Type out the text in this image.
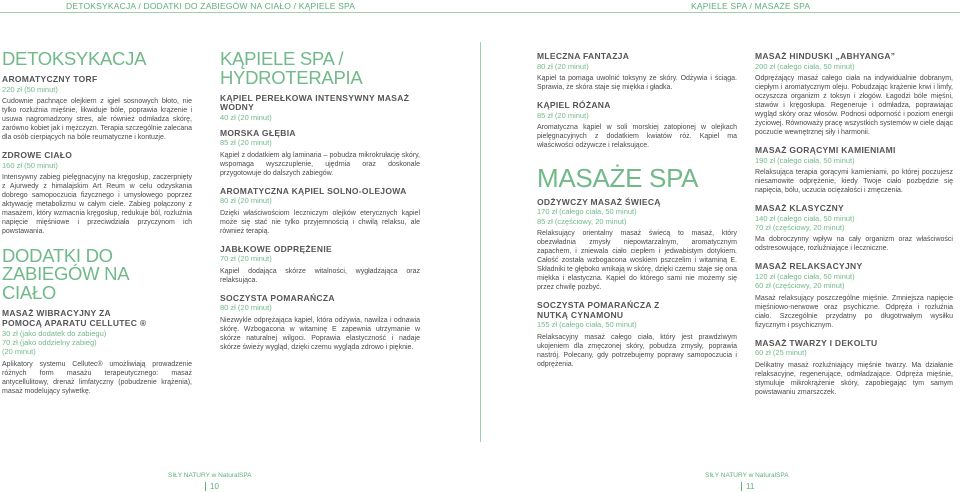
DETOKSYKACJA / DODATKI DO ZABIEGÓW NA CIAŁO / KĄPIELE SPA	KĄPIELE SPA / MASAŻE SPA
DETOKSYKACJA
AROMATYCZNY TORF
220 zł (50 minut)
Cudownie pachnące olejkiem z igieł sosnowych błoto, nie tylko rozluźnia mięśnie, likwiduje bóle, poprawia krążenie i usuwa nagromadzony stres, ale również odmładza skórę, zarówno kobiet jak i mężczyzn. Terapia szczególnie zalecana dla osób cierpiących na bóle reumatyczne i kontuzje.
ZDROWE CIAŁO
160 zł (50 minut)
Intensywny zabieg pielęgnacyjny na kręgosłup, zaczerpnięty z Ajurwedy z himalajskim Art Reum w celu odzyskania dobrego samopoczucia fizycznego i umysłowego poprzez aktywację metabolizmu w całym ciele. Zabieg połączony z masażem, który wzmacnia kręgosłup, redukuje ból, rozluźnia napięcie mięśniowe i przeciwdziała przyczynom ich powstawania.
DODATKI DO ZABIEGÓW NA CIAŁO
MASAŻ WIBRACYJNY ZA POMOCĄ APARATU CELLUTEC ®
30 zł (jako dodatek do zabiegu)
70 zł (jako oddzielny zabieg)
(20 minut)
Aplikatory systemu Cellutec® umożliwiają prowadzenie różnych form masażu terapeutycznego: masaż antycellulitowy, drenaż limfatyczny (pobudzenie krążenia), masaż modelujący sylwetkę.
KĄPIELE SPA / HYDROTERAPIA
KĄPIEL PEREŁKOWA INTENSYWNY MASAŻ WODNY
40 zł (20 minut)
MORSKA GŁĘBIA
85 zł (20 minut)
Kąpiel z dodatkiem alg laminaria – pobudza mikrokrułację skóry, wspomaga wyszczuplenie, ujędrnia oraz doskonale przygotowuje do dalszych zabiegów.
AROMATYCZNA KĄPIEL SOLNO-OLEJOWA
80 zł (20 minut)
Dzięki właściwościom leczniczym olejków eterycznych kąpiel może się stać nie tylko przyjemnością i chwilą relaksu, ale również terapią.
JABŁKOWE ODPRĘŻENIE
70 zł (20 minut)
Kąpiel dodająca skórze witalności, wygładzająca oraz relaksująca.
SOCZYSTA POMARAŃCZA
80 zł (20 minut)
Niezwykle odprężająca kąpiel, która odżywia, nawilża i odnawia skórę. Wzbogacona w witaminę E zapewnia utrzymanie w skórze naturalnej wilgoci. Poprawia elastyczność i nadaje skórze świeży wygląd, dzięki czemu wygląda zdrowo i pięknie.
MLECZNA FANTAZJA
80 zł (20 minut)
Kąpiel ta pomaga uwolnić toksyny ze skóry. Odżywia i ściąga. Sprawia, że skóra staje się miękka i gładka.
KĄPIEL RÓŻANA
85 zł (20 minut)
Aromatyczna kąpiel w soli morskiej zatopionej w olejkach pielęgnacyjnych z dodatkiem kwiatów róż. Kąpiel ma właściwości odżywcze i relaksujące.
MASAŻE SPA
ODŻYWCZY MASAŻ ŚWIECĄ
170 zł (całego ciała, 50 minut)
85 zł (częściowy, 20 minut)
Relaksujący orientalny masaż świecą to masaż, który obezwładnia zmysły niepowtarzalnym, aromatycznym zapachem, i zniewala ciało ciepłem i jedwabistym dotykiem. Całość została wzbogacona woskiem pszczelim i witaminą E. Składniki te głęboko wnikają w skórę, dzięki czemu staje się ona miękka i elastyczna. Kąpiel do którego sami nie możemy się przez chwilę pozbyć.
SOCZYSTA POMARAŃCZA Z NUTKĄ CYNAMONU
155 zł (całego ciała, 50 minut)
Relaksacyjny masaż całego ciała, który jest prawdziwym ukojeniem dla zmęczonej skóry, pobudza zmysły, poprawia nastrój. Polecany, gdy potrzebujemy poprawy samopoczucia i odprężenia.
MASAŻ HINDUSKI „ABHYANGA”
200 zł (całego ciała, 50 minut)
Odprężający masaż całego ciała na indywidualnie dobranym, ciepłym i aromatycznym oleju. Pobudzając krążenie krwi i limfy, oczyszcza organizm z toksyn i złogów. Łagodzi bóle mięśni, stawów i kręgosłupa. Regeneruje i odmładza, poprawiając wygląd skóry oraz włosów. Podnosi odporność i poziom energii życiowej. Równoważy pracę wszystkich systemów w ciele dając poczucie wewnętrznej siły i harmonii.
MASAŻ GORĄCYMI KAMIENIAMI
190 zł (całego ciała, 50 minut)
Relaksująca terapia gorącymi kamieniami, po której poczujesz niesamowite odprężenie, kiedy Twoje ciało pozbędzie się napięcia, bólu, uczucia ociężałości i zmęczenia.
MASAŻ KLASYCZNY
140 zł (całego ciała, 50 minut)
70 zł (częściowy, 20 minut)
Ma dobroczynny wpływ na cały organizm oraz właściwości odstresowujące, rozluźniające i leczniczne.
MASAŻ RELAKSACYJNY
120 zł (całego ciała, 50 minut)
60 zł (częściowy, 20 minut)
Masaż relaksujący poszczególne mięśnie. Zmniejsza napięcie mięśniowo-nerwowe oraz psychiczne. Odpręża i rozluźnia ciało. Szczególnie przydatny po długotrwałym wysiłku fizycznym i psychicznym.
MASAŻ TWARZY I DEKOLTU
60 zł (25 minut)
Delikatny masaż rozluźniający mięśnie twarzy. Ma działanie relaksacyjne, regenerujące, odmładzające. Odpręża mięśnie, stymuluje mikrokrążenie skóry, zapobiegając tym samym powstawaniu zmarszczek.
SIŁY NATURY w NaturalSPA
10
SIŁY NATURY w NaturalSPA
11
